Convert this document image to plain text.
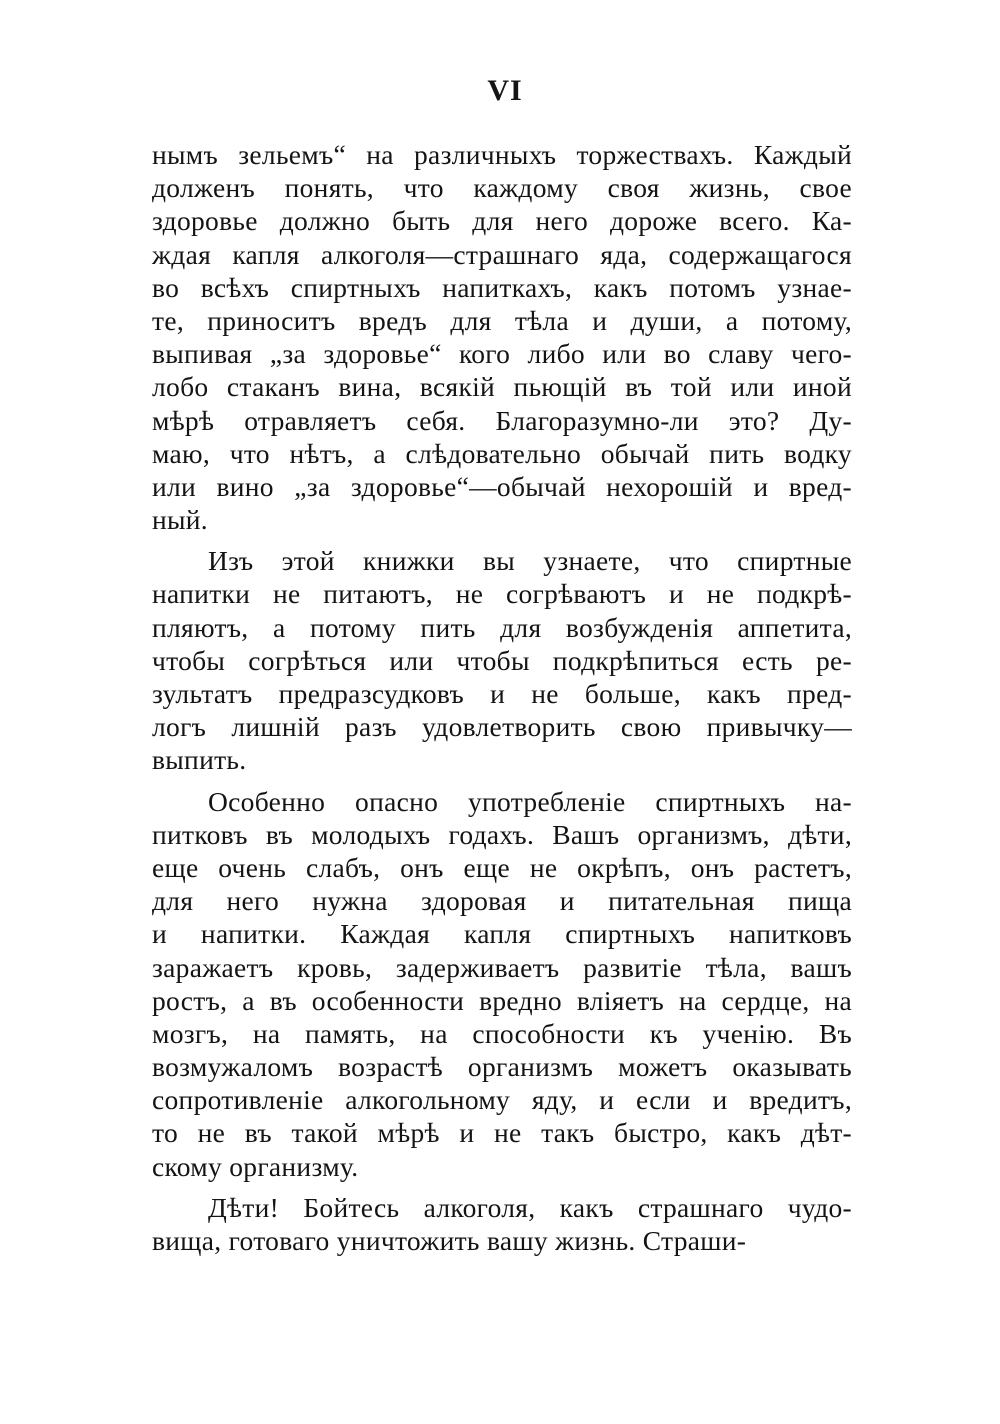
VI
нымъ зельемъ“ на различныхъ торжествахъ. Каждый
долженъ понять, что каждому своя жизнь, свое
здоровье должно быть для него дороже всего. Ка-
ждая капля алкоголя—страшнаго яда, содержащагося
во всѣхъ спиртныхъ напиткахъ, какъ потомъ узнае-
те, приноситъ вредъ для тѣла и души, а потому,
выпивая „за здоровье“ кого либо или во славу чего-
лобо стаканъ вина, всякій пьющій въ той или иной
мѣрѣ отравляетъ себя. Благоразумно-ли это? Ду-
маю, что нѣтъ, а слѣдовательно обычай пить водку
или вино „за здоровье“—обычай нехорошій и вред-
ный.
Изъ этой книжки вы узнаете, что спиртные
напитки не питаютъ, не согрѣваютъ и не подкрѣ-
пляютъ, а потому пить для возбужденія аппетита,
чтобы согрѣться или чтобы подкрѣпиться есть ре-
зультатъ предразсудковъ и не больше, какъ пред-
логъ лишній разъ удовлетворить свою привычку—
выпить.
Особенно опасно употребленіе спиртныхъ на-
питковъ въ молодыхъ годахъ. Вашъ организмъ, дѣти,
еще очень слабъ, онъ еще не окрѣпъ, онъ растетъ,
для него нужна здоровая и питательная пища
и напитки. Каждая капля спиртныхъ напитковъ
заражаетъ кровь, задерживаетъ развитіе тѣла, вашъ
ростъ, а въ особенности вредно вліяетъ на сердце, на
мозгъ, на память, на способности къ ученію. Въ
возмужаломъ возрастѣ организмъ можетъ оказывать
сопротивленіе алкогольному яду, и если и вредитъ,
то не въ такой мѣрѣ и не такъ быстро, какъ дѣт-
скому организму.
Дѣти! Бойтесь алкоголя, какъ страшнаго чудо-
вища, готоваго уничтожить вашу жизнь. Страши-
